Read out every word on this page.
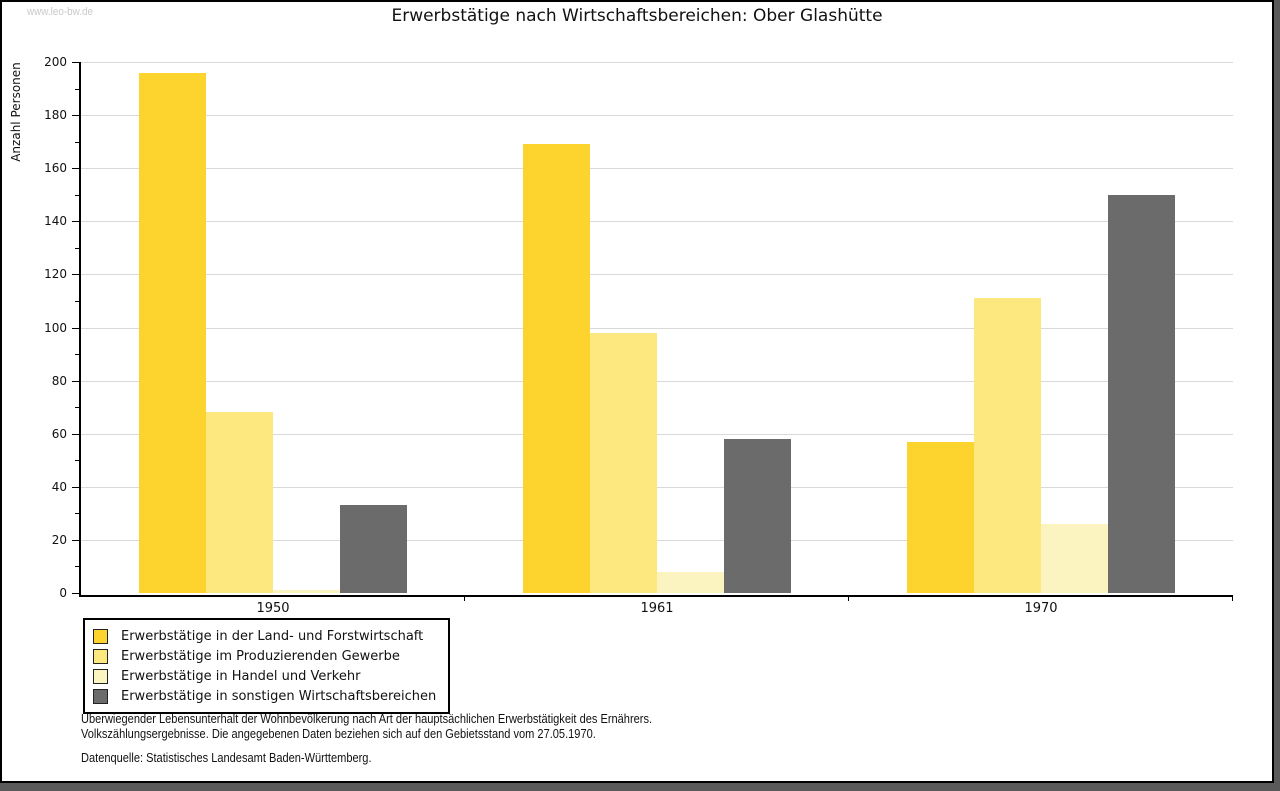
www.leo-bw.de	Erwerbstätige nach Wirtschaftsbereichen: Ober Glashütte
Anzahl Personen
0
20
40
60
80
100
120
140
160
180
200
1950	1961	1970
Erwerbstätige in der Land- und Forstwirtschaft
Erwerbstätige im Produzierenden Gewerbe
Erwerbstätige in Handel und Verkehr
Erwerbstätige in sonstigen Wirtschaftsbereichen
Überwiegender Lebensunterhalt der Wohnbevölkerung nach Art der hauptsächlichen Erwerbstätigkeit des Ernährers.
Volkszählungsergebnisse. Die angegebenen Daten beziehen sich auf den Gebietsstand vom 27.05.1970.
Datenquelle: Statistisches Landesamt Baden-Württemberg.
